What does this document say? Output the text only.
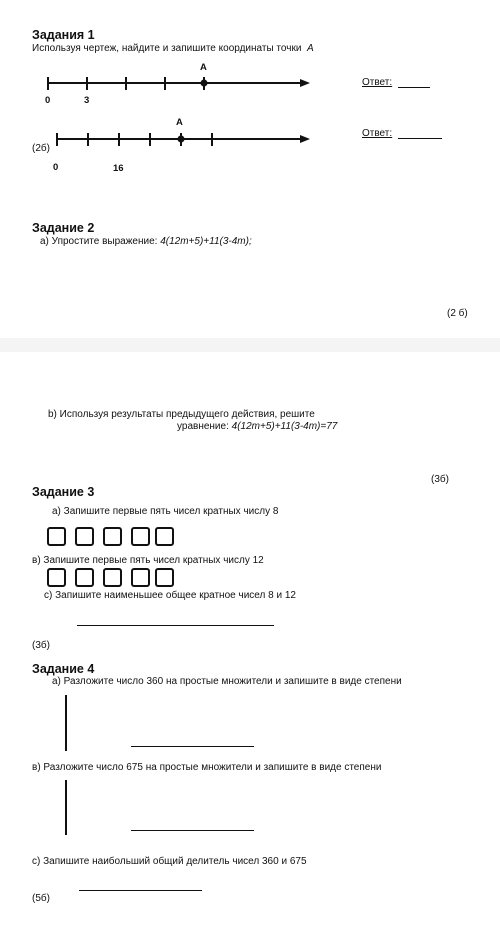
Задания 1
Используя чертеж, найдите и запишите координаты точки A
A
0	3
Ответ:
A
(2б)
0	16
Ответ:
Задание 2
а) Упростите выражение: 4(12m+5)+11(3-4m);
(2 б)
b) Используя результаты предыдущего действия, решите
уравнение: 4(12m+5)+11(3-4m)=77
(3б)
Задание 3
а) Запишите первые пять чисел кратных числу 8
в) Запишите первые пять чисел кратных числу 12
с) Запишите наименьшее общее кратное чисел 8 и 12
(3б)
Задание 4
а) Разложите число 360 на простые множители и запишите в виде степени
в) Разложите число 675 на простые множители и запишите в виде степени
с) Запишите наибольший общий делитель чисел 360 и 675
(5б)
